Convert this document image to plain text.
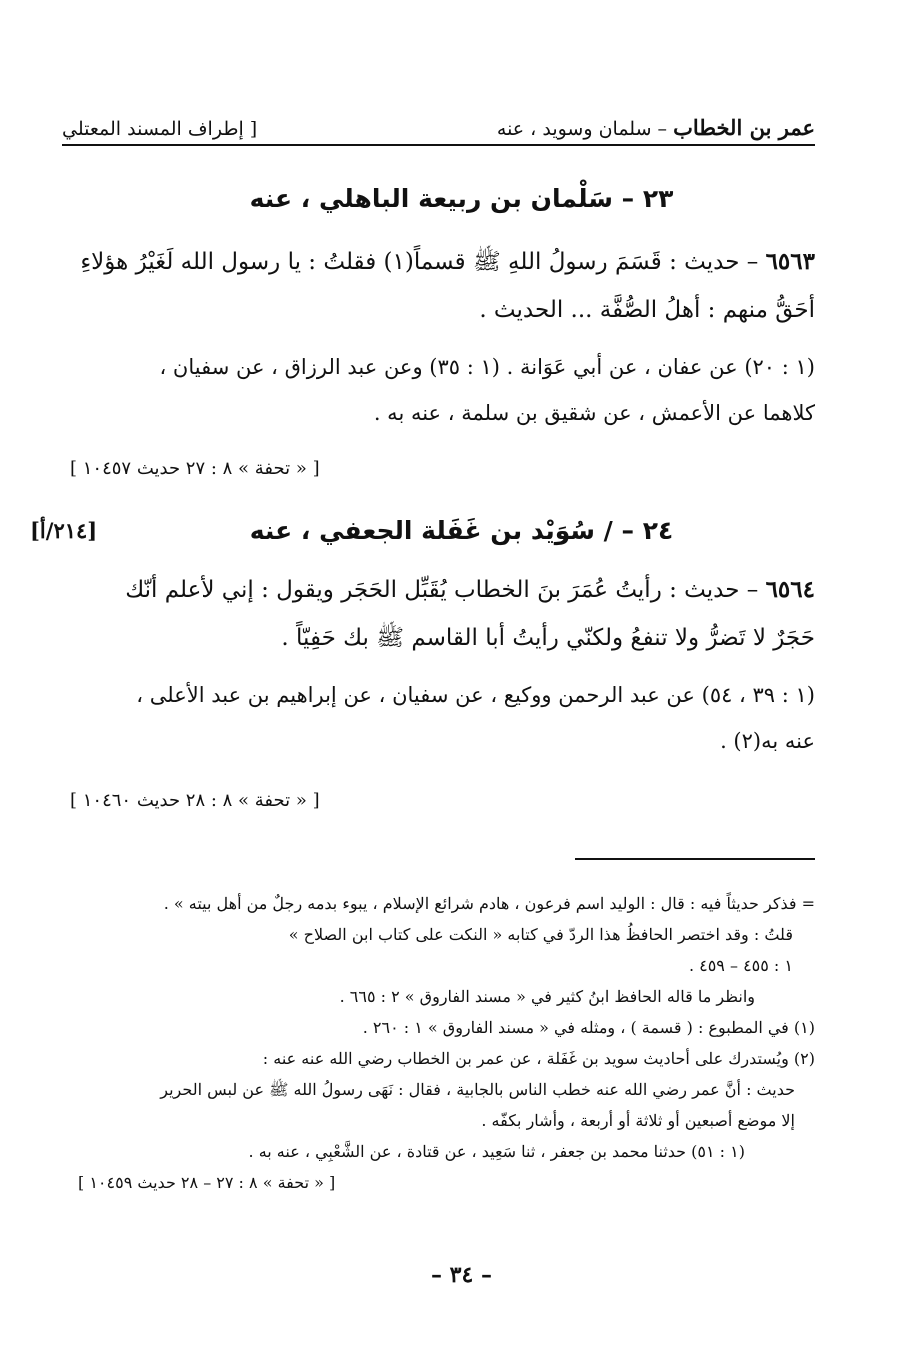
عمر بن الخطاب – سلمان وسويد ، عنه
[ إطراف المسند المعتلي
٢٣ – سَلْمان بن ربيعة الباهلي ، عنه
٦٥٦٣ – حديث : قَسَمَ رسولُ اللهِ ﷺ قسماً(١) فقلتُ : يا رسول الله لَغَيْرُ هؤلاءِ
أحَقُّ منهم : أهلُ الصُّفَّة ... الحديث .
(١ : ٢٠) عن عفان ، عن أبي عَوَانة . (١ : ٣٥) وعن عبد الرزاق ، عن سفيان ،
كلاهما عن الأعمش ، عن شقيق بن سلمة ، عنه به .
[ « تحفة » ٨ : ٢٧ حديث ١٠٤٥٧ ]
[٢١٤/أ]	٢٤ – / سُوَيْد بن غَفَلة الجعفي ، عنه
٦٥٦٤ – حديث : رأيتُ عُمَرَ بنَ الخطاب يُقَبِّل الحَجَر ويقول : إني لأعلم أنّك
حَجَرٌ لا تَضرُّ ولا تنفعُ ولكنّي رأيتُ أبا القاسم ﷺ بك حَفِيّاً .
(١ : ٣٩ ، ٥٤) عن عبد الرحمن ووكيع ، عن سفيان ، عن إبراهيم بن عبد الأعلى ،
عنه به(٢) .
[ « تحفة » ٨ : ٢٨ حديث ١٠٤٦٠ ]
= فذكر حديثاً فيه : قال : الوليد اسم فرعون ، هادم شرائع الإسلام ، يبوء بدمه رجلٌ من أهل بيته » .
قلتُ : وقد اختصر الحافظُ هذا الردّ في كتابه « النكت على كتاب ابن الصلاح »
١ : ٤٥٥ – ٤٥٩ .
وانظر ما قاله الحافظ ابنُ كثير في « مسند الفاروق » ٢ : ٦٦٥ .
(١) في المطبوع : ( قسمة ) ، ومثله في « مسند الفاروق » ١ : ٢٦٠ .
(٢) ويُستدرك على أحاديث سويد بن غَفَلة ، عن عمر بن الخطاب رضي الله عنه عنه :
حديث : أنَّ عمر رضي الله عنه خطب الناس بالجابية ، فقال : نَهَى رسولُ الله ﷺ عن لبس الحرير
إلا موضع أصبعين أو ثلاثة أو أربعة ، وأشار بكفّه .
(١ : ٥١) حدثنا محمد بن جعفر ، ثنا سَعِيد ، عن قتادة ، عن الشَّعْبِي ، عنه به .
[ « تحفة » ٨ : ٢٧ – ٢٨ حديث ١٠٤٥٩ ]
– ٣٤ –
